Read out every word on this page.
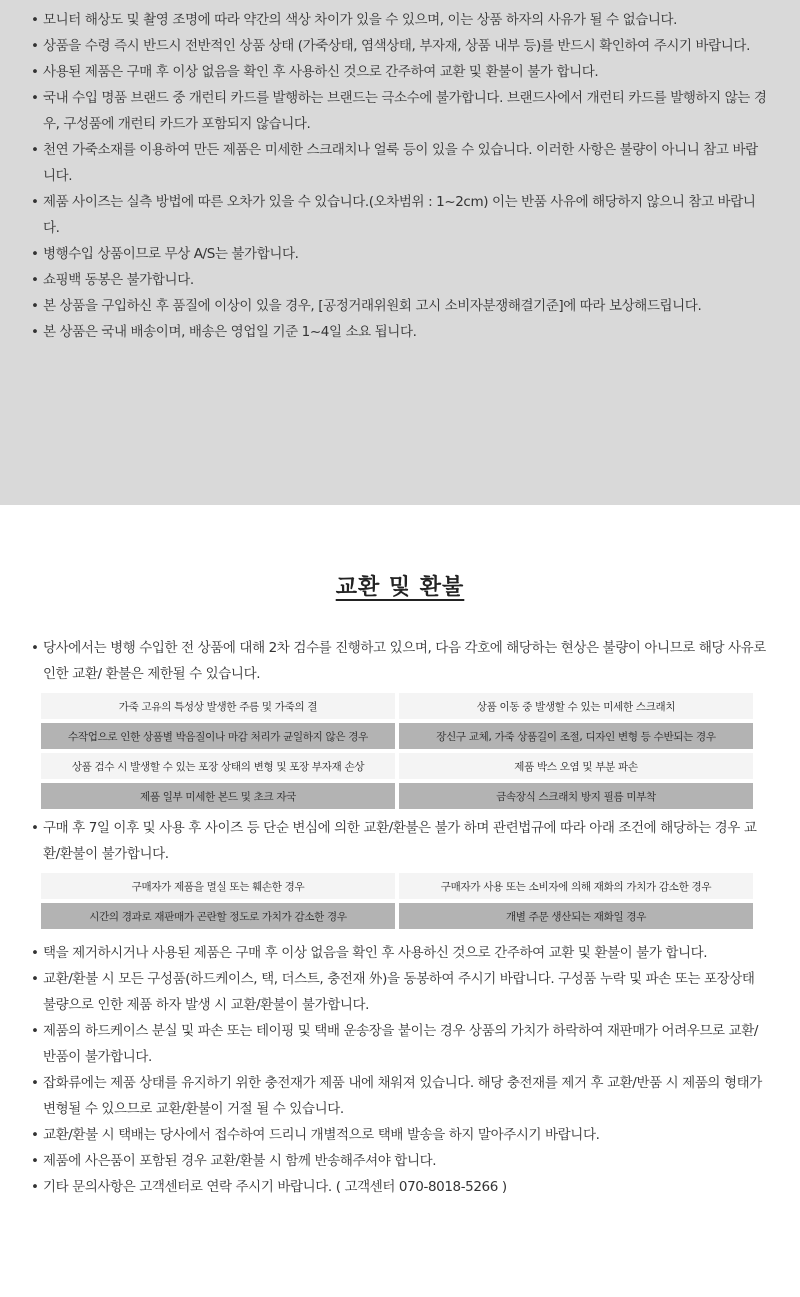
• 모니터 해상도 및 촬영 조명에 따라 약간의 색상 차이가 있을 수 있으며, 이는 상품 하자의 사유가 될 수 없습니다.
• 상품을 수령 즉시 반드시 전반적인 상품 상태 (가죽상태, 염색상태, 부자재, 상품 내부 등)를 반드시 확인하여 주시기 바랍니다.
• 사용된 제품은 구매 후 이상 없음을 확인 후 사용하신 것으로 간주하여 교환 및 환불이 불가 합니다.
• 국내 수입 명품 브랜드 중 개런티 카드를 발행하는 브랜드는 극소수에 불가합니다. 브랜드사에서 개런티 카드를 발행하지 않는 경우, 구성품에 개런티 카드가 포함되지 않습니다.
• 천연 가죽소재를 이용하여 만든 제품은 미세한 스크래치나 얼룩 등이 있을 수 있습니다. 이러한 사항은 불량이 아니니 참고 바랍니다.
• 제품 사이즈는 실측 방법에 따른 오차가 있을 수 있습니다.(오차범위 : 1~2cm) 이는 반품 사유에 해당하지 않으니 참고 바랍니다.
• 병행수입 상품이므로 무상 A/S는 불가합니다.
• 쇼핑백 동봉은 불가합니다.
• 본 상품을 구입하신 후 품질에 이상이 있을 경우, [공정거래위원회 고시 소비자분쟁해결기준]에 따라 보상해드립니다.
• 본 상품은 국내 배송이며, 배송은 영업일 기준 1~4일 소요 됩니다.
교환 및 환불

• 당사에서는 병행 수입한 전 상품에 대해 2차 검수를 진행하고 있으며, 다음 각호에 해당하는 현상은 불량이 아니므로 해당 사유로 인한 교환/ 환불은 제한될 수 있습니다.

가죽 고유의 특성상 발생한 주름 및 가죽의 결	상품 이동 중 발생할 수 있는 미세한 스크래치
수작업으로 인한 상품별 박음질이나 마감 처리가 균일하지 않은 경우	장신구 교체, 가죽 상품길이 조절, 디자인 변형 등 수반되는 경우
상품 검수 시 발생할 수 있는 포장 상태의 변형 및 포장 부자재 손상	제품 박스 오염 및 부분 파손
제품 일부 미세한 본드 및 초크 자국	금속장식 스크래치 방지 필름 미부착

• 구매 후 7일 이후 및 사용 후 사이즈 등 단순 변심에 의한 교환/환불은 불가 하며 관련법규에 따라 아래 조건에 해당하는 경우 교환/환불이 불가합니다.

구매자가 제품을 멸실 또는 훼손한 경우	구매자가 사용 또는 소비자에 의해 재화의 가치가 감소한 경우
시간의 경과로 재판매가 곤란할 정도로 가치가 감소한 경우	개별 주문 생산되는 재화일 경우
• 택을 제거하시거나 사용된 제품은 구매 후 이상 없음을 확인 후 사용하신 것으로 간주하여 교환 및 환불이 불가 합니다.
• 교환/환불 시 모든 구성품(하드케이스, 택, 더스트, 충전재 外)을 동봉하여 주시기 바랍니다. 구성품 누락 및 파손 또는 포장상태 불량으로 인한 제품 하자 발생 시 교환/환불이 불가합니다.
• 제품의 하드케이스 분실 및 파손 또는 테이핑 및 택배 운송장을 붙이는 경우 상품의 가치가 하락하여 재판매가 어려우므로 교환/반품이 불가합니다.
• 잡화류에는 제품 상태를 유지하기 위한 충전재가 제품 내에 채워져 있습니다. 해당 충전재를 제거 후 교환/반품 시 제품의 형태가 변형될 수 있으므로 교환/환불이 거절 될 수 있습니다.
• 교환/환불 시 택배는 당사에서 접수하여 드리니 개별적으로 택배 발송을 하지 말아주시기 바랍니다.
• 제품에 사은품이 포함된 경우 교환/환불 시 함께 반송해주셔야 합니다.
• 기타 문의사항은 고객센터로 연락 주시기 바랍니다. ( 고객센터 070-8018-5266 )
